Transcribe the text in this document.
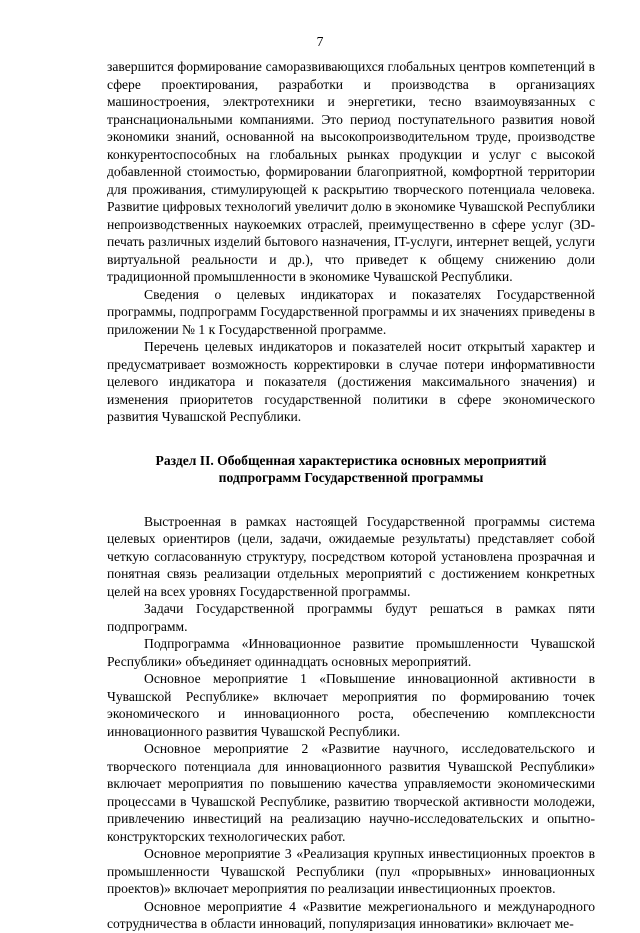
7

завершится формирование саморазвивающихся глобальных центров компетенций в сфере проектирования, разработки и производства в организациях машиностроения, электротехники и энергетики, тесно взаимоувязанных с транснациональными компаниями. Это период поступательного развития новой экономики знаний, основанной на высокопроизводительном труде, производстве конкурентоспособных на глобальных рынках продукции и услуг с высокой добавленной стоимостью, формировании благоприятной, комфортной территории для проживания, стимулирующей к раскрытию творческого потенциала человека. Развитие цифровых технологий увеличит долю в экономике Чувашской Республики непроизводственных наукоемких отраслей, преимущественно в сфере услуг (3D-печать различных изделий бытового назначения, IT-услуги, интернет вещей, услуги виртуальной реальности и др.), что приведет к общему снижению доли традиционной промышленности в экономике Чувашской Республики.

Сведения о целевых индикаторах и показателях Государственной программы, подпрограмм Государственной программы и их значениях приведены в приложении № 1 к Государственной программе.

Перечень целевых индикаторов и показателей носит открытый характер и предусматривает возможность корректировки в случае потери информативности целевого индикатора и показателя (достижения максимального значения) и изменения приоритетов государственной политики в сфере экономического развития Чувашской Республики.

Раздел II. Обобщенная характеристика основных мероприятий
подпрограмм Государственной программы

Выстроенная в рамках настоящей Государственной программы система целевых ориентиров (цели, задачи, ожидаемые результаты) представляет собой четкую согласованную структуру, посредством которой установлена прозрачная и понятная связь реализации отдельных мероприятий с достижением конкретных целей на всех уровнях Государственной программы.

Задачи Государственной программы будут решаться в рамках пяти подпрограмм.

Подпрограмма «Инновационное развитие промышленности Чувашской Республики» объединяет одиннадцать основных мероприятий.

Основное мероприятие 1 «Повышение инновационной активности в Чувашской Республике» включает мероприятия по формированию точек экономического и инновационного роста, обеспечению комплексности инновационного развития Чувашской Республики.

Основное мероприятие 2 «Развитие научного, исследовательского и творческого потенциала для инновационного развития Чувашской Республики» включает мероприятия по повышению качества управляемости экономическими процессами в Чувашской Республике, развитию творческой активности молодежи, привлечению инвестиций на реализацию научно-исследовательских и опытно-конструкторских технологических работ.

Основное мероприятие 3 «Реализация крупных инвестиционных проектов в промышленности Чувашской Республики (пул «прорывных» инновационных проектов)» включает мероприятия по реализации инвестиционных проектов.

Основное мероприятие 4 «Развитие межрегионального и международного сотрудничества в области инноваций, популяризация инноватики» включает ме-
